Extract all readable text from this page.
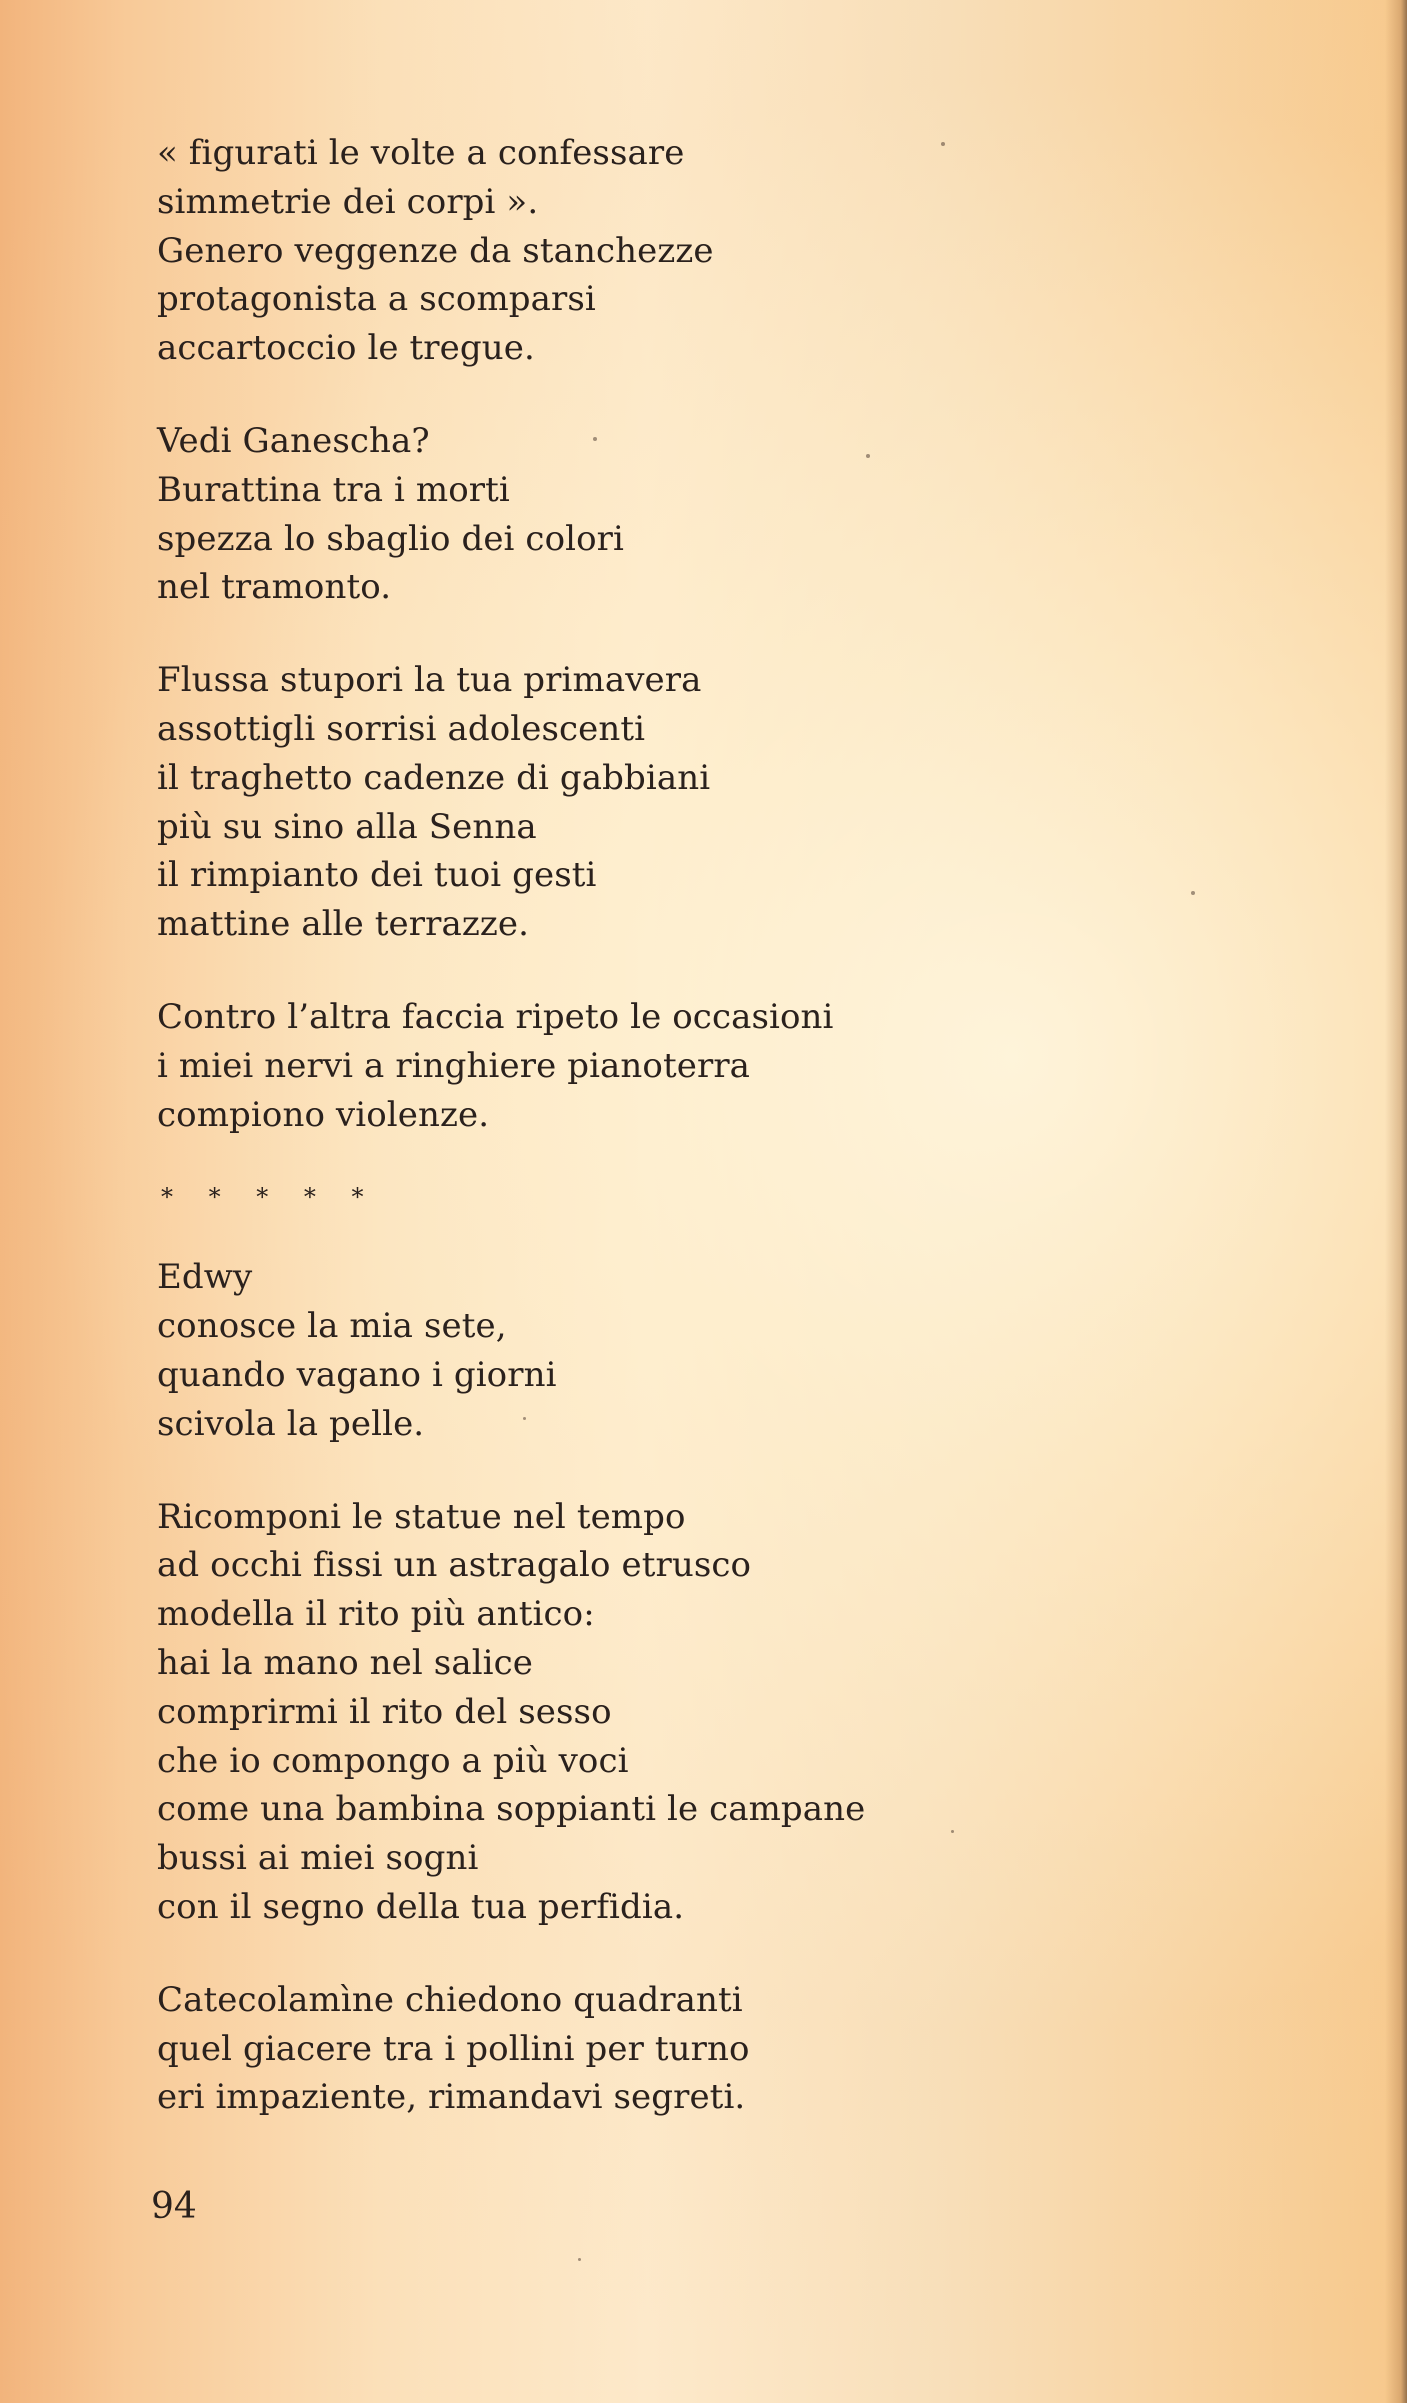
« figurati le volte a confessare
simmetrie dei corpi ».
Genero veggenze da stanchezze
protagonista a scomparsi
accartoccio le tregue.
Vedi Ganescha?
Burattina tra i morti
spezza lo sbaglio dei colori
nel tramonto.
Flussa stupori la tua primavera
assottigli sorrisi adolescenti
il traghetto cadenze di gabbiani
più su sino alla Senna
il rimpianto dei tuoi gesti
mattine alle terrazze.
Contro l’altra faccia ripeto le occasioni
i miei nervi a ringhiere pianoterra
compiono violenze.
* * * * *
Edwy
conosce la mia sete,
quando vagano i giorni
scivola la pelle.
Ricomponi le statue nel tempo
ad occhi fissi un astragalo etrusco
modella il rito più antico:
hai la mano nel salice
comprirmi il rito del sesso
che io compongo a più voci
come una bambina soppianti le campane
bussi ai miei sogni
con il segno della tua perfidia.
Catecolamìne chiedono quadranti
quel giacere tra i pollini per turno
eri impaziente, rimandavi segreti.
94
